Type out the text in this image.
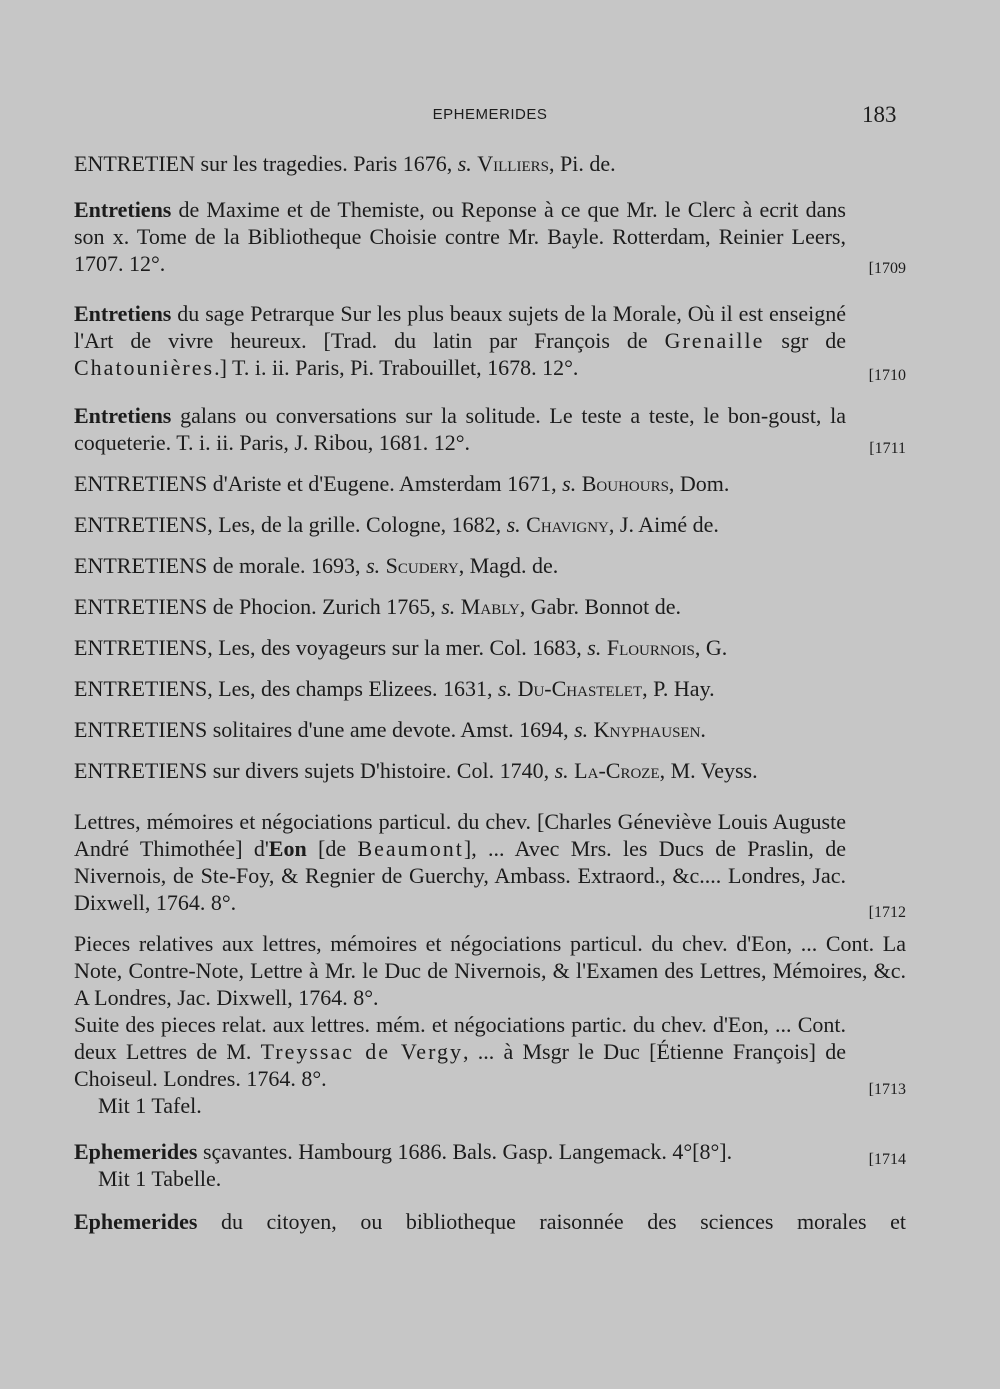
EPHEMERIDES	183

ENTRETIEN sur les tragedies. Paris 1676, s. Villiers, Pi. de.

Entretiens de Maxime et de Themiste, ou Reponse à ce que Mr. le Clerc à ecrit dans son x. Tome de la Bibliotheque Choisie contre Mr. Bayle. Rotterdam, Reinier Leers, 1707. 12°.	[1709

Entretiens du sage Petrarque Sur les plus beaux sujets de la Morale, Où il est enseigné l'Art de vivre heureux. [Trad. du latin par François de Grenaille sgr de Chatounières.] T. i. ii. Paris, Pi. Trabouillet, 1678. 12°.	[1710

Entretiens galans ou conversations sur la solitude. Le teste a teste, le bon-goust, la coqueterie. T. i. ii. Paris, J. Ribou, 1681. 12°.	[1711

ENTRETIENS d'Ariste et d'Eugene. Amsterdam 1671, s. Bouhours, Dom.

ENTRETIENS, Les, de la grille. Cologne, 1682, s. Chavigny, J. Aimé de.

ENTRETIENS de morale. 1693, s. Scudery, Magd. de.

ENTRETIENS de Phocion. Zurich 1765, s. Mably, Gabr. Bonnot de.

ENTRETIENS, Les, des voyageurs sur la mer. Col. 1683, s. Flournois, G.

ENTRETIENS, Les, des champs Elizees. 1631, s. Du-Chastelet, P. Hay.

ENTRETIENS solitaires d'une ame devote. Amst. 1694, s. Knyphausen.

ENTRETIENS sur divers sujets D'histoire. Col. 1740, s. La-Croze, M. Veyss.

Lettres, mémoires et négociations particul. du chev. [Charles Géneviève Louis Auguste André Thimothée] d'Eon [de Beaumont], ... Avec Mrs. les Ducs de Praslin, de Nivernois, de Ste-Foy, & Regnier de Guerchy, Ambass. Extraord., &c.... Londres, Jac. Dixwell, 1764. 8°.	[1712

Pieces relatives aux lettres, mémoires et négociations particul. du chev. d'Eon, ... Cont. La Note, Contre-Note, Lettre à Mr. le Duc de Nivernois, & l'Examen des Lettres, Mémoires, &c. A Londres, Jac. Dixwell, 1764. 8°.

Suite des pieces relat. aux lettres. mém. et négociations partic. du chev. d'Eon, ... Cont. deux Lettres de M. Treyssac de Vergy, ... à Msgr le Duc [Étienne François] de Choiseul. Londres. 1764. 8°.

Mit 1 Tafel.
[1713

Ephemerides sçavantes. Hambourg 1686. Bals. Gasp. Langemack. 4°[8°].

Mit 1 Tabelle.
[1714

Ephemerides du citoyen, ou bibliotheque raisonnée des sciences morales et
